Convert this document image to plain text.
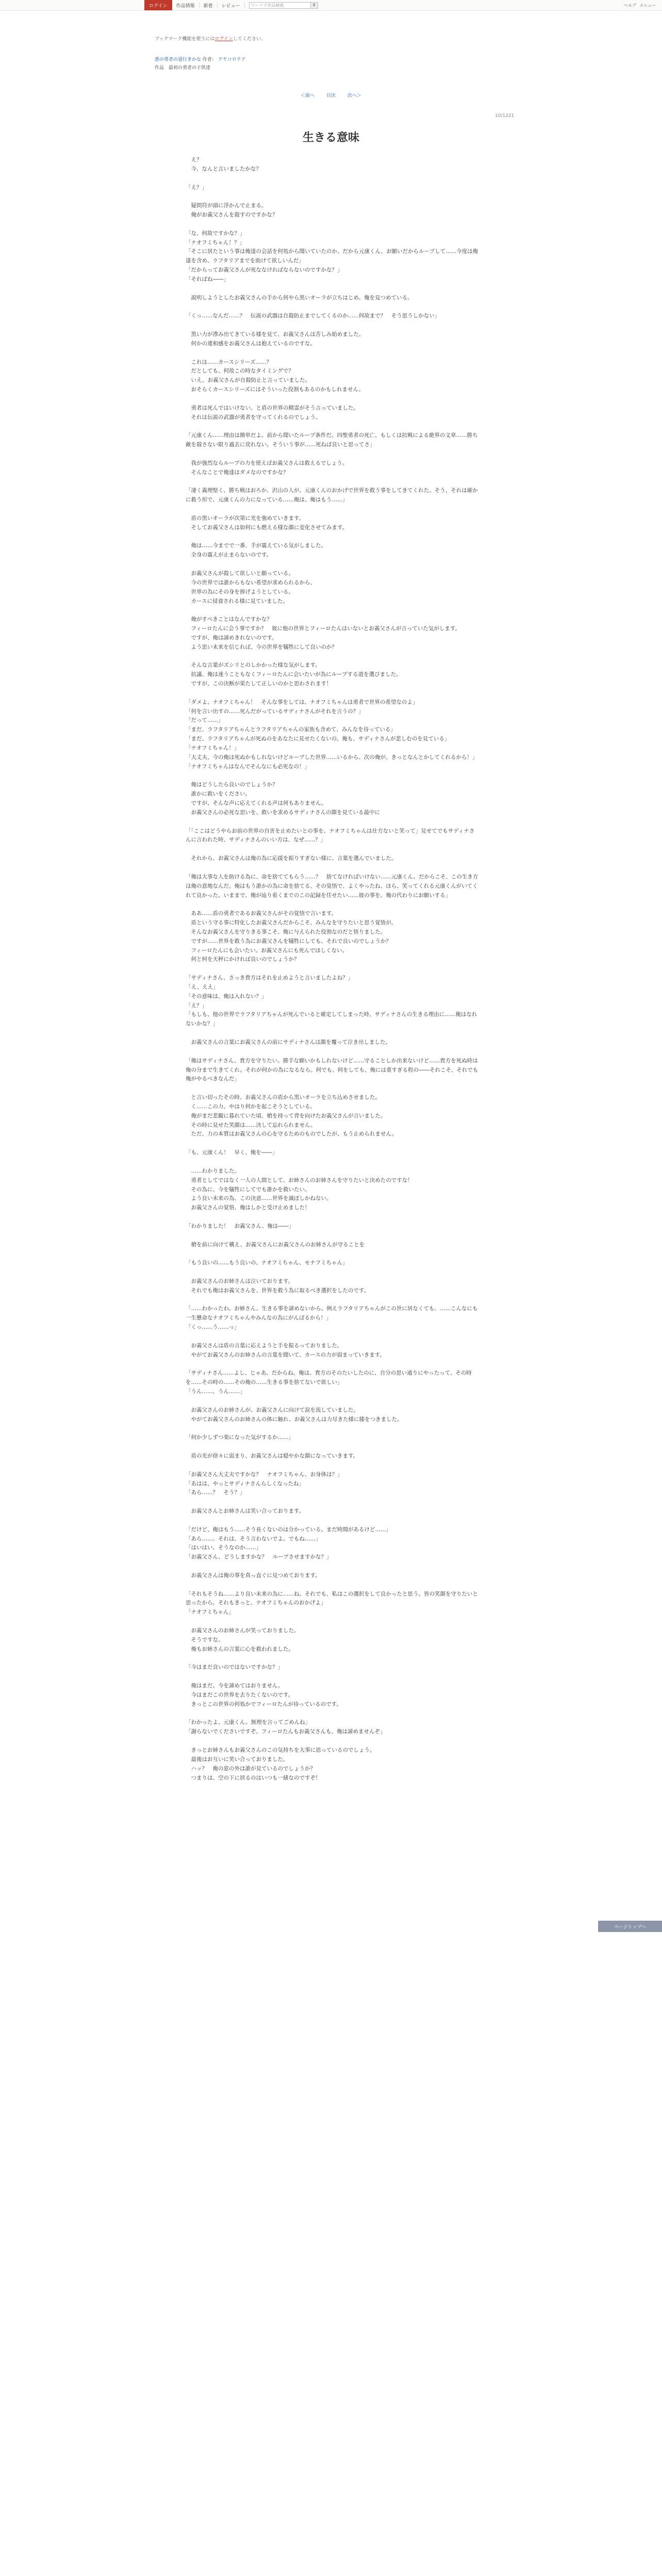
ログイン	作品情報	新着	レビュー	ワードで作品検索	⚲	ヘルプ メニュー
ブックマーク機能を使うにはログインしてください。
悪の勇者の道行きかな 作者： アヤコロテア
作品　最初の勇者の子供達
＜前へ	目次	次へ＞
10/1221
生きる意味

　え？

　今、なんと言いましたかな？

「え？」

　疑問符が頭に浮かんで止まる。

　俺がお義父さんを殺すのですかな？

「な、何故ですかな？」

「ナオフミちゃん！？」

「そこに居たという事は俺達の会話を何処から聞いていたのか、だから元康くん、お願いだからルーブして……今度は俺達を含め、ラフタリアまでを助けて欲しいんだ」

「だからってお義父さんが死ななければならないのですかな？」

「そればね――」

　説明しようとしたお義父さんの手から何やら黒いオーラが立ちはじめ、俺を見つめている。

「くっ……なんだ……？　伝説の武器は自殺防止までしてくるのか……何故まで？　そう思うしかない」

　黒い力が滲み出てきている様を見て、お義父さんは苦しみ始めました。

　何かの違和感をお義父さんは抱えているのですな。

　これは……カースシリーズ……？

　だとしても、何故この時なタイミングで？

　いえ、お義父さんが自殺防止と言っていました。

　おそらくカースシリーズにはそういった役割もあるのかもしれません。

　勇者は死んではいけない。と盾の世界の精霊がそう言っていました。

　それは伝説の武器が勇者を守ってくれるのでしょう。

「元康くん……理由は簡単だよ。前から聞いたループ条件だ。四聖勇者の死亡、もしくは抗戦による絶界の文章……勝ち敵を殺さない限り過去に戻れない。そういう事が……死ねば良いと思ってさ」

　我が強烈ならループの力を使えばお義父さんは救えるでしょう。

　そんなことで俺達はダメなのですかな？

「凄く義理堅く、勝ち戦はおろか、沢山の人が、元康くんのおかげで世界を救う事をしてきてくれた。そう、それは確かに救う形で、元康くんの力になっている……俺は、俺はもう……」

　盾の黒いオーラが次第に光を強めていきます。

　そしてお義父さんは如何にも燃える様な顔に変化させてみます。

　俺は……今までで一番、手が震えている気がしました。

　全身の震えが止まらないのです。

　お義父さんが殺して欲しいと願っている。

　今の世界では誰からもない希望が求められるから、

　世界の為にその身を捧げようとしている。

　カースに侵食される様に見ていました。

　俺がすべきことはなんですかな？

　フィーロたんに会う事ですか？　彼に他の世界とフィーロたんはいないとお義父さんが言っていた気がします。

　ですが、俺は諦めきれないのです。

　よう思い未来を信じれば、今の世界を犠牲にして良いのか？

　そんな言葉がズシリとのしかかった様な気がします。

　抗議、俺は迷うこともなくフィーロたんに会いたいが為にループする道を選びました。

　ですが、この決断が果たして正しいのかと思わされます！

「ダメよ、ナオフミちゃん！　そんな事をしては、ナオフミちゃんは勇者で世界の希望なのよ」

「何を言い出すの……死んだがっているサディナさんがそれを言うの？」

「だって……」

「まだ、ラフタリアちゃんとラフタリアちゃんの家族も含めて、みんなを待っている」

「まだ、ラフタリアちゃんが死ぬのをあなたに見せたくないの。俺も、サディナさんが悲しむのを見ている」

「ナオフミちゃん！」

「大丈夫、今の俺は死ぬかもしれないけどループした世界……いるから、次の俺が、きっとなんとかしてくれるから！」

「ナオフミちゃんはなんでそんなにも必死なの！」

　俺はどうしたら良いのでしょうか？

　誰かに救いをください。

　ですが、そんな声に応えてくれる声は何もありません。

　お義父さんの必死な思いを、救いを求めるサディナさんの顔を見ている最中に

「「ここはどうやらお前の世界の自害を止めたいとの事を、ナオフミちゃんは仕方ないと笑って」見せてでもサディナさんに言われた時、サディナさんのいい方は、なぜ……？」

　それから、お義父さんは俺の為に応援を振りすぎない様に、言葉を選んでいました。

「俺は大事な人を助ける為に、命を捨ててもらう……？　捨てなければいけない……元康くん。だからこそ、この生き方は俺の意地なんだ。俺はもう誰かの為に命を捨てる、その覚悟で、よくやったね、ほら、笑ってくれる元康くんがいてくれて良かった。いままで、俺が辿り着くまでのこの記録を任せたい……彼の事を、俺の代わりにお願いする」

　ああ……盾の勇者であるお義父さんがその覚悟で言います。

　盾という守る事に特化したお義父さんだからこそ、みんなを守りたいと思う覚悟が。

　そんなお義父さんを守りきる事こそ、俺に与えられた役割なのだと悟りました。

　ですが……世界を救う為にお義父さんを犠牲にしても、それで良いのでしょうか？

　フィーロたんにも会いたい。お義父さんにも死んでほしくない。

　何と何を天秤にかければ良いのでしょうか？

「サディナさん、さっき貴方はそれを止めようと言いましたよね？」

「え、ええ」

「その意味は、俺は入れない？」

「え？」

「もしも、他の世界でラフタリアちゃんが死んでいると確定してしまった時、サディナさんの生きる理由に……俺はなれないかな？」

　お義父さんの言葉にお義父さんの前にサディナさんは顔を覆って泣き出しました。

「俺はサディナさん、貴方を守りたい。勝手な願いかもしれないけど……守ることしか出来ないけど……貴方を死ぬ時は俺の分まで生きてくれ。それが何かの為になるなら。何でも、何をしても、俺には重すぎる程の――それこそ、それでも俺がやるべきなんだ」

　と言い切ったその時、お義父さんの盾から黒いオーラを立ち込めさせました。

　く……この力、やはり何かを起こそうとしている。

　俺がまだ悲観に暮れていた頃、槍を持って背を向けたお義父さんが言いました。

　その時に見せた笑顔は……決して忘れられません。

　ただ、力の本質はお義父さんの心を守るためのものでしたが、もう止められません。

「も、元康くん！　早く、俺を――」

　……わかりました。

　勇者としてではなく一人の人間として、お姉さんのお姉さんを守りたいと決めたのですな！

　その為に、今を犠牲にしてでも誰かを救いたい。

　よう良い未来の為、この決意……世界を滅ぼしかねない。

　お義父さんの覚悟、俺はしかと受け止めました！

「わかりました！　お義父さん、俺は――」

　槍を前に向けて構え、お義父さんにお義父さんのお姉さんが守ることを

「もう良いの……もう良いの、ナオフミちゃん、モナフミちゃん」

　お義父さんのお姉さんは泣いております。

　それでも俺はお義父さんを、世界を救う為に取るべき選択をしたのです。

「……わかったわ。お姉さん、生きる事を諦めないから。例えラフタリアちゃんがこの世に居なくても、……こんなにも一生懸命なナオフミちゃんやみんなの為にがんばるから！」

「くっ……う……っ」

　お義父さんは盾の言葉に応えようと手を振るっておりました。

　やがてお義父さんのお姉さんの言葉を聞いて、カースの力が弱まっていきます。

「サディナさん……よし、じゃあ、だからね、俺は、貴方のそのたいしたのに、自分の思い通りにやったって、その時を……その時の……その俺の……生きる事を捨てないで欲しい」

「うん……、うん……」

　お義父さんのお姉さんが、お義父さんに向けて涙を流していました。

　やがてお義父さんのお姉さんの体に触れ、お義父さんは力尽きた様に膝をつきました。

「何か少しずつ楽になった気がするか……」

　盾の光が徐々に弱まり、お義父さんは穏やかな顔になっていきます。

「お義父さん大丈夫ですかな？　ナオフミちゃん、お身体は？」

「あはは、やっとサディナさんらしくなったね」

「あら……？　そう？」

　お義父さんとお姉さんは笑い合っております。

「だけど、俺はもう……そう長くないのは分かっている。まだ時間があるけど……」

「あら……、それは、そう言わないでよ。でもね……」

「はいはい、そうなのか……」

「お義父さん、どうしますかな？　ループさせますかな？」

　お義父さんは俺の事を真っ直ぐに見つめております。

「それもそうね……より良い未来の為に……ね。それでも、私はこの選択をして良かったと思う。皆の笑顔を守りたいと思ったから。それもきっと、ナオフミちゃんのおかげよ」

「ナオフミちゃん」

　お義父さんのお姉さんが笑っておりました。

　そうですな。

　俺もお姉さんの言葉に心を救われました。

「今はまだ良いのではないですかな？」

　俺はまだ、今を諦めてはおりません。

　今はまだこの世界を去りたくないのです。

　きっとこの世界の何処かでフィーロたんが待っているのです。

「わかったよ、元康くん。無理を言ってごめんね」

「謝らないでくださいですぞ。フィーロたんもお義父さんも、俺は諦めませんぞ」

　きっとお姉さんもお義父さんのこの気持ちを大事に思っているのでしょう。

　最後はお互いに笑い合っておりました。

　ハッ？　俺の窓の外は誰が見ているのでしょうか？

　つまりは、空の下に居るのはいつも一緒なのですぞ！

ページトップへ
